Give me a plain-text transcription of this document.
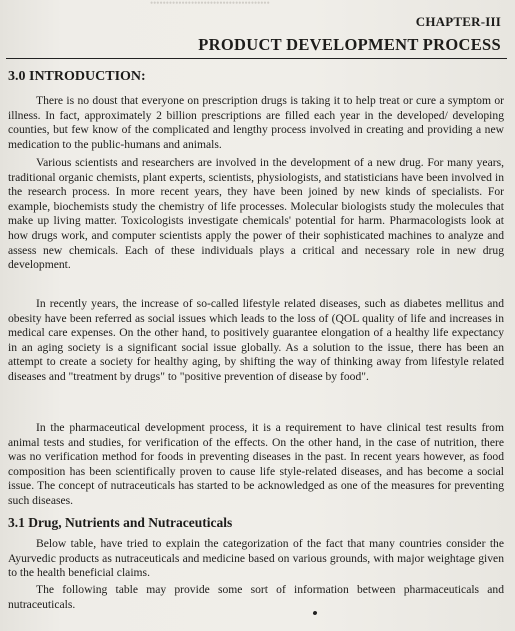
••••••••••••••••••••••••••••••••••••••
CHAPTER-III
PRODUCT DEVELOPMENT PROCESS
3.0 INTRODUCTION:

There is no doust that everyone on prescription drugs is taking it to help treat or cure a symptom or illness. In fact, approximately 2 billion prescriptions are filled each year in the developed/ developing counties, but few know of the complicated and lengthy process involved in creating and providing a new medication to the public-humans and animals.

Various scientists and researchers are involved in the development of a new drug. For many years, traditional organic chemists, plant experts, scientists, physiologists, and statisticians have been involved in the research process. In more recent years, they have been joined by new kinds of specialists. For example, biochemists study the chemistry of life processes. Molecular biologists study the molecules that make up living matter. Toxicologists investigate chemicals' potential for harm. Pharmacologists look at how drugs work, and computer scientists apply the power of their sophisticated machines to analyze and assess new chemicals. Each of these individuals plays a critical and necessary role in new drug development.

In recently years, the increase of so-called lifestyle related diseases, such as diabetes mellitus and obesity have been referred as social issues which leads to the loss of (QOL quality of life and increases in medical care expenses. On the other hand, to positively guarantee elongation of a healthy life expectancy in an aging society is a significant social issue globally. As a solution to the issue, there has been an attempt to create a society for healthy aging, by shifting the way of thinking away from lifestyle related diseases and "treatment by drugs" to "positive prevention of disease by food".

In the pharmaceutical development process, it is a requirement to have clinical test results from animal tests and studies, for verification of the effects. On the other hand, in the case of nutrition, there was no verification method for foods in preventing diseases in the past. In recent years however, as food composition has been scientifically proven to cause life style-related diseases, and has become a social issue. The concept of nutraceuticals has started to be acknowledged as one of the measures for preventing such diseases.

3.1 Drug, Nutrients and Nutraceuticals

Below table, have tried to explain the categorization of the fact that many countries consider the Ayurvedic products as nutraceuticals and medicine based on various grounds, with major weightage given to the health beneficial claims.

The following table may provide some sort of information between pharmaceuticals and nutraceuticals.
